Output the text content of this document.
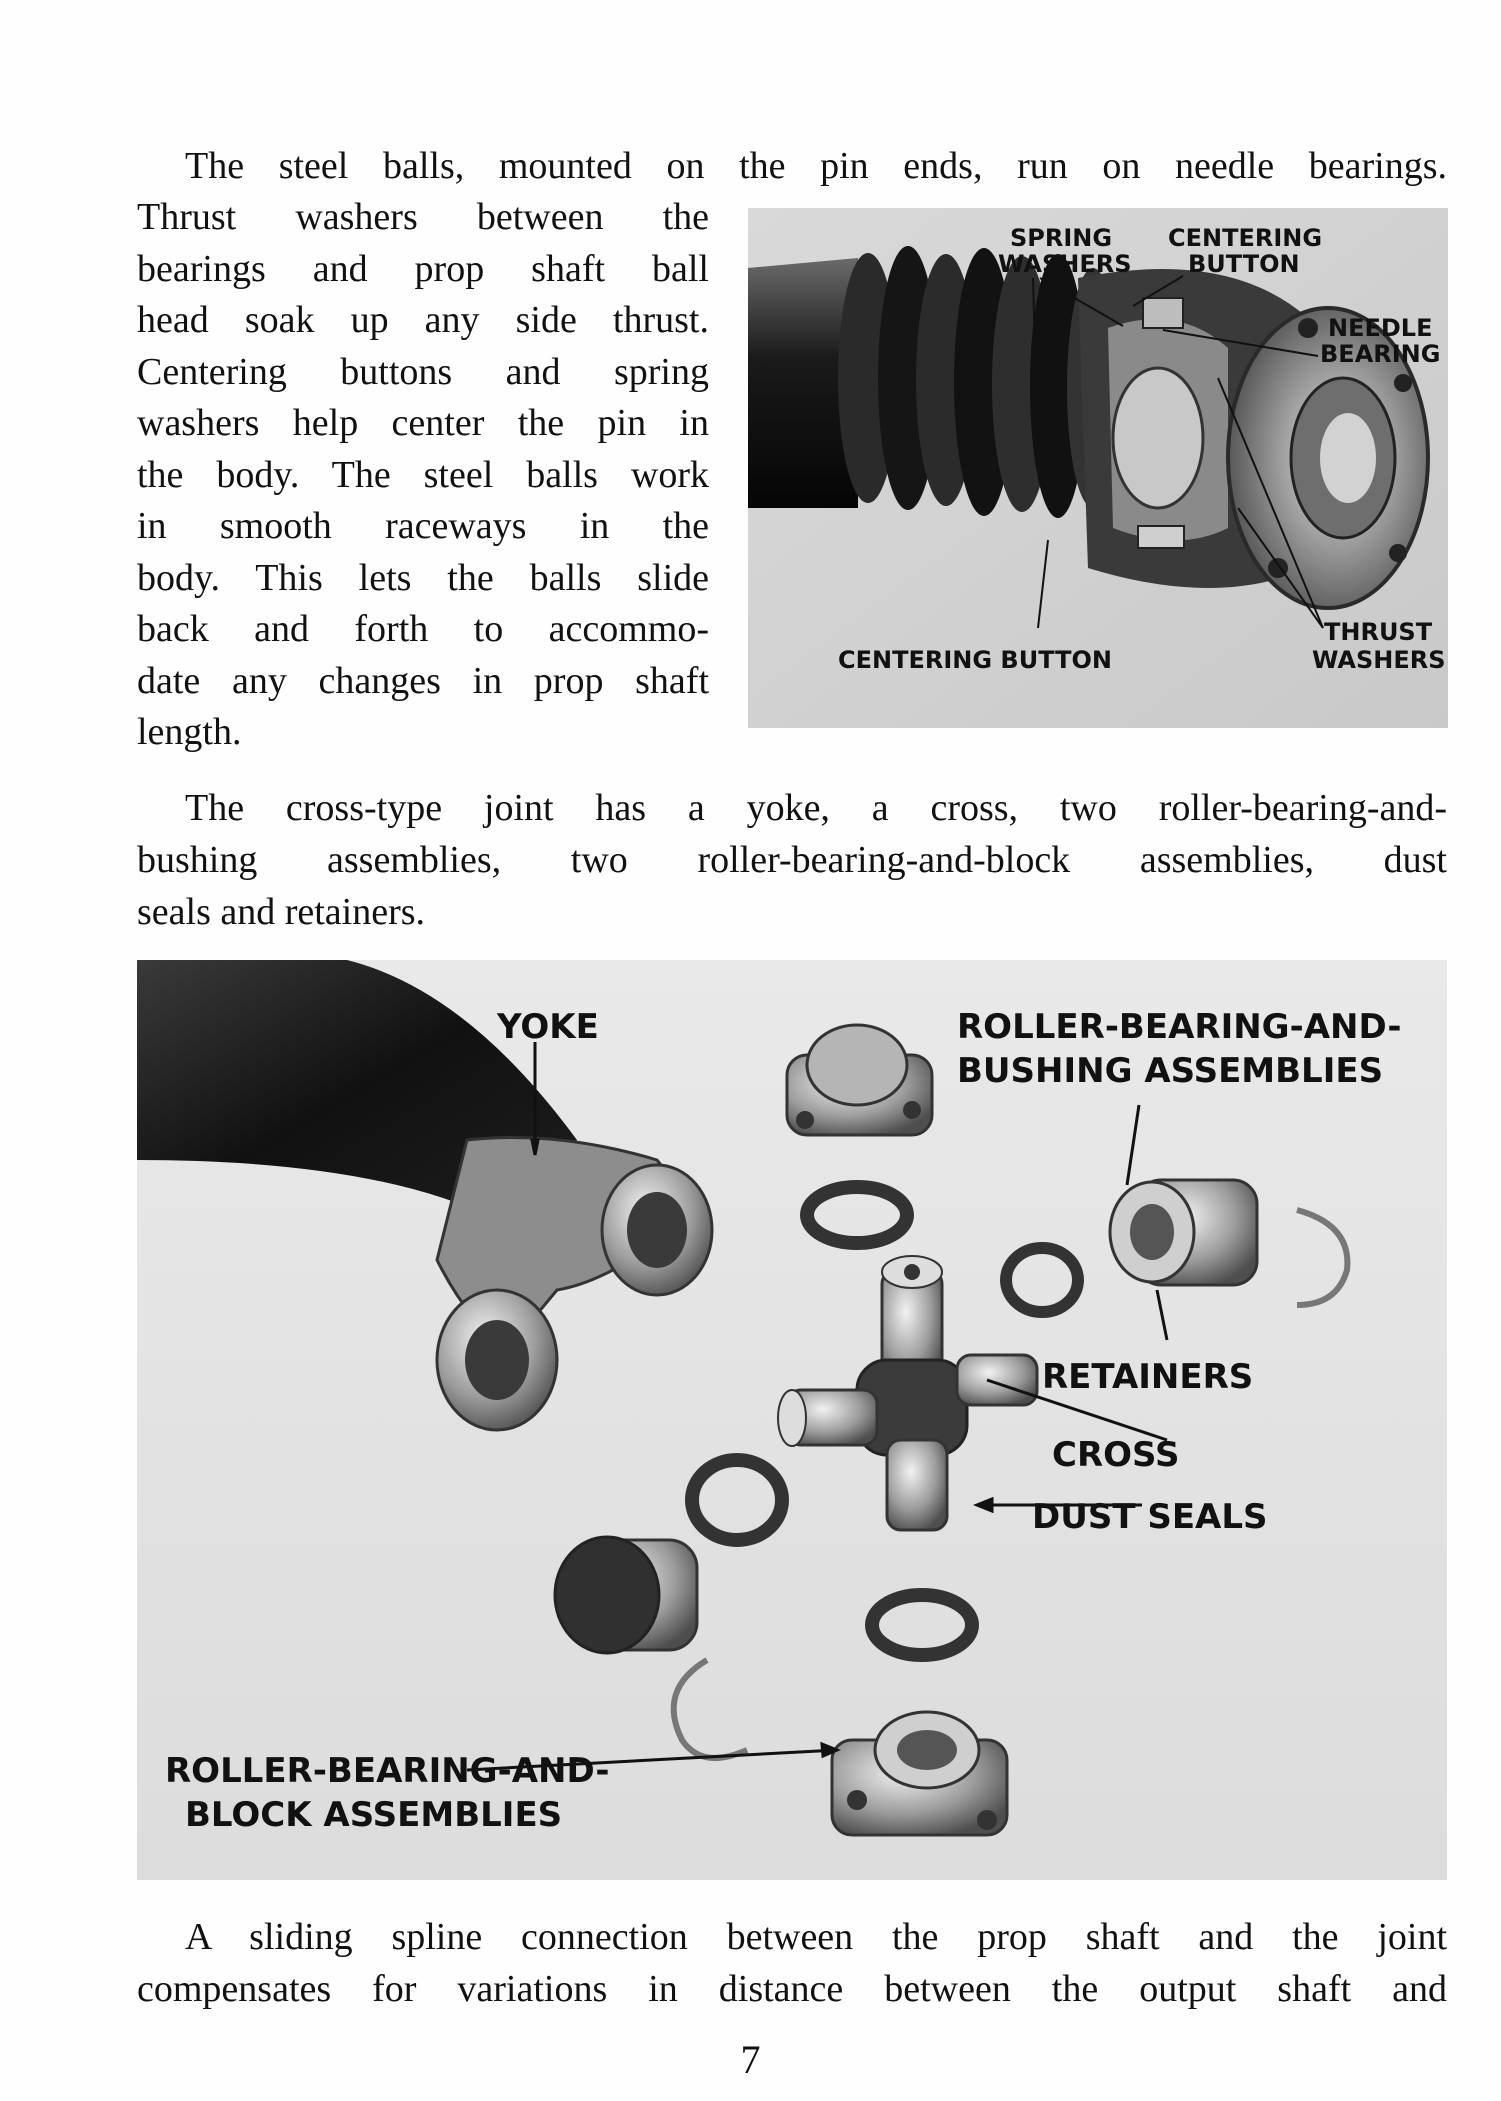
The steel balls, mounted on the pin ends, run on needle bearings.
Thrust washers between the
bearings and prop shaft ball
head soak up any side thrust.
Centering buttons and spring
washers help center the pin in
the body. The steel balls work
in smooth raceways in the
body. This lets the balls slide
back and forth to accommo-
date any changes in prop shaft
length.
SPRING
WASHERS
CENTERING
BUTTON
NEEDLE
BEARING
THRUST
WASHERS
CENTERING BUTTON
The cross-type joint has a yoke, a cross, two roller-bearing-and-
bushing assemblies, two roller-bearing-and-block assemblies, dust
seals and retainers.
YOKE	ROLLER-BEARING-AND-
BUSHING ASSEMBLIES
RETAINERS
CROSS
DUST SEALS
ROLLER-BEARING-AND-
BLOCK ASSEMBLIES
A sliding spline connection between the prop shaft and the joint
compensates for variations in distance between the output shaft and
7
